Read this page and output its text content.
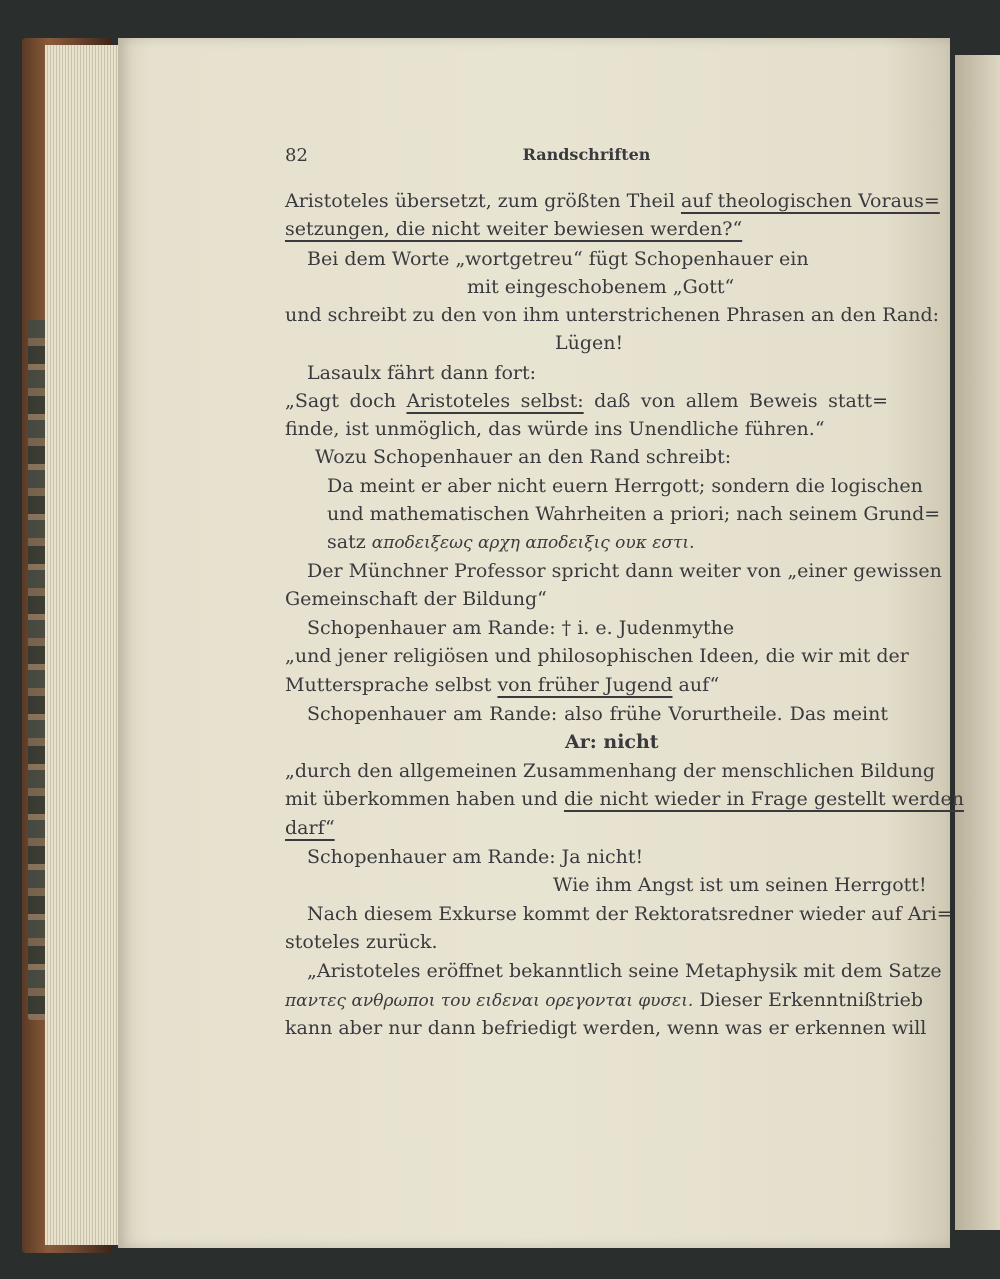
82	Randschriften
Aristoteles übersetzt, zum größten Theil auf theologischen Voraus=
setzungen, die nicht weiter bewiesen werden?“
Bei dem Worte „wortgetreu“ fügt Schopenhauer ein
mit eingeschobenem „Gott“
und schreibt zu den von ihm unterstrichenen Phrasen an den Rand:
Lügen!
Lasaulx fährt dann fort:
„Sagt doch Aristoteles selbst: daß von allem Beweis statt=
finde, ist unmöglich, das würde ins Unendliche führen.“
Wozu Schopenhauer an den Rand schreibt:
Da meint er aber nicht euern Herrgott; sondern die logischen
und mathematischen Wahrheiten a priori; nach seinem Grund=
satz αποδειξεως αρχη αποδειξις ουκ εστι.
Der Münchner Professor spricht dann weiter von „einer gewissen
Gemeinschaft der Bildung“
Schopenhauer am Rande: † i. e. Judenmythe
„und jener religiösen und philosophischen Ideen, die wir mit der
Muttersprache selbst von früher Jugend auf“
Schopenhauer am Rande: also frühe Vorurtheile. Das meint
Ar: nicht
„durch den allgemeinen Zusammenhang der menschlichen Bildung
mit überkommen haben und die nicht wieder in Frage gestellt werden
darf“
Schopenhauer am Rande: Ja nicht!
Wie ihm Angst ist um seinen Herrgott!
Nach diesem Exkurse kommt der Rektoratsredner wieder auf Ari=
stoteles zurück.
„Aristoteles eröffnet bekanntlich seine Metaphysik mit dem Satze
παντες ανθρωποι του ειδεναι ορεγονται φυσει. Dieser Erkenntnißtrieb
kann aber nur dann befriedigt werden, wenn was er erkennen will
